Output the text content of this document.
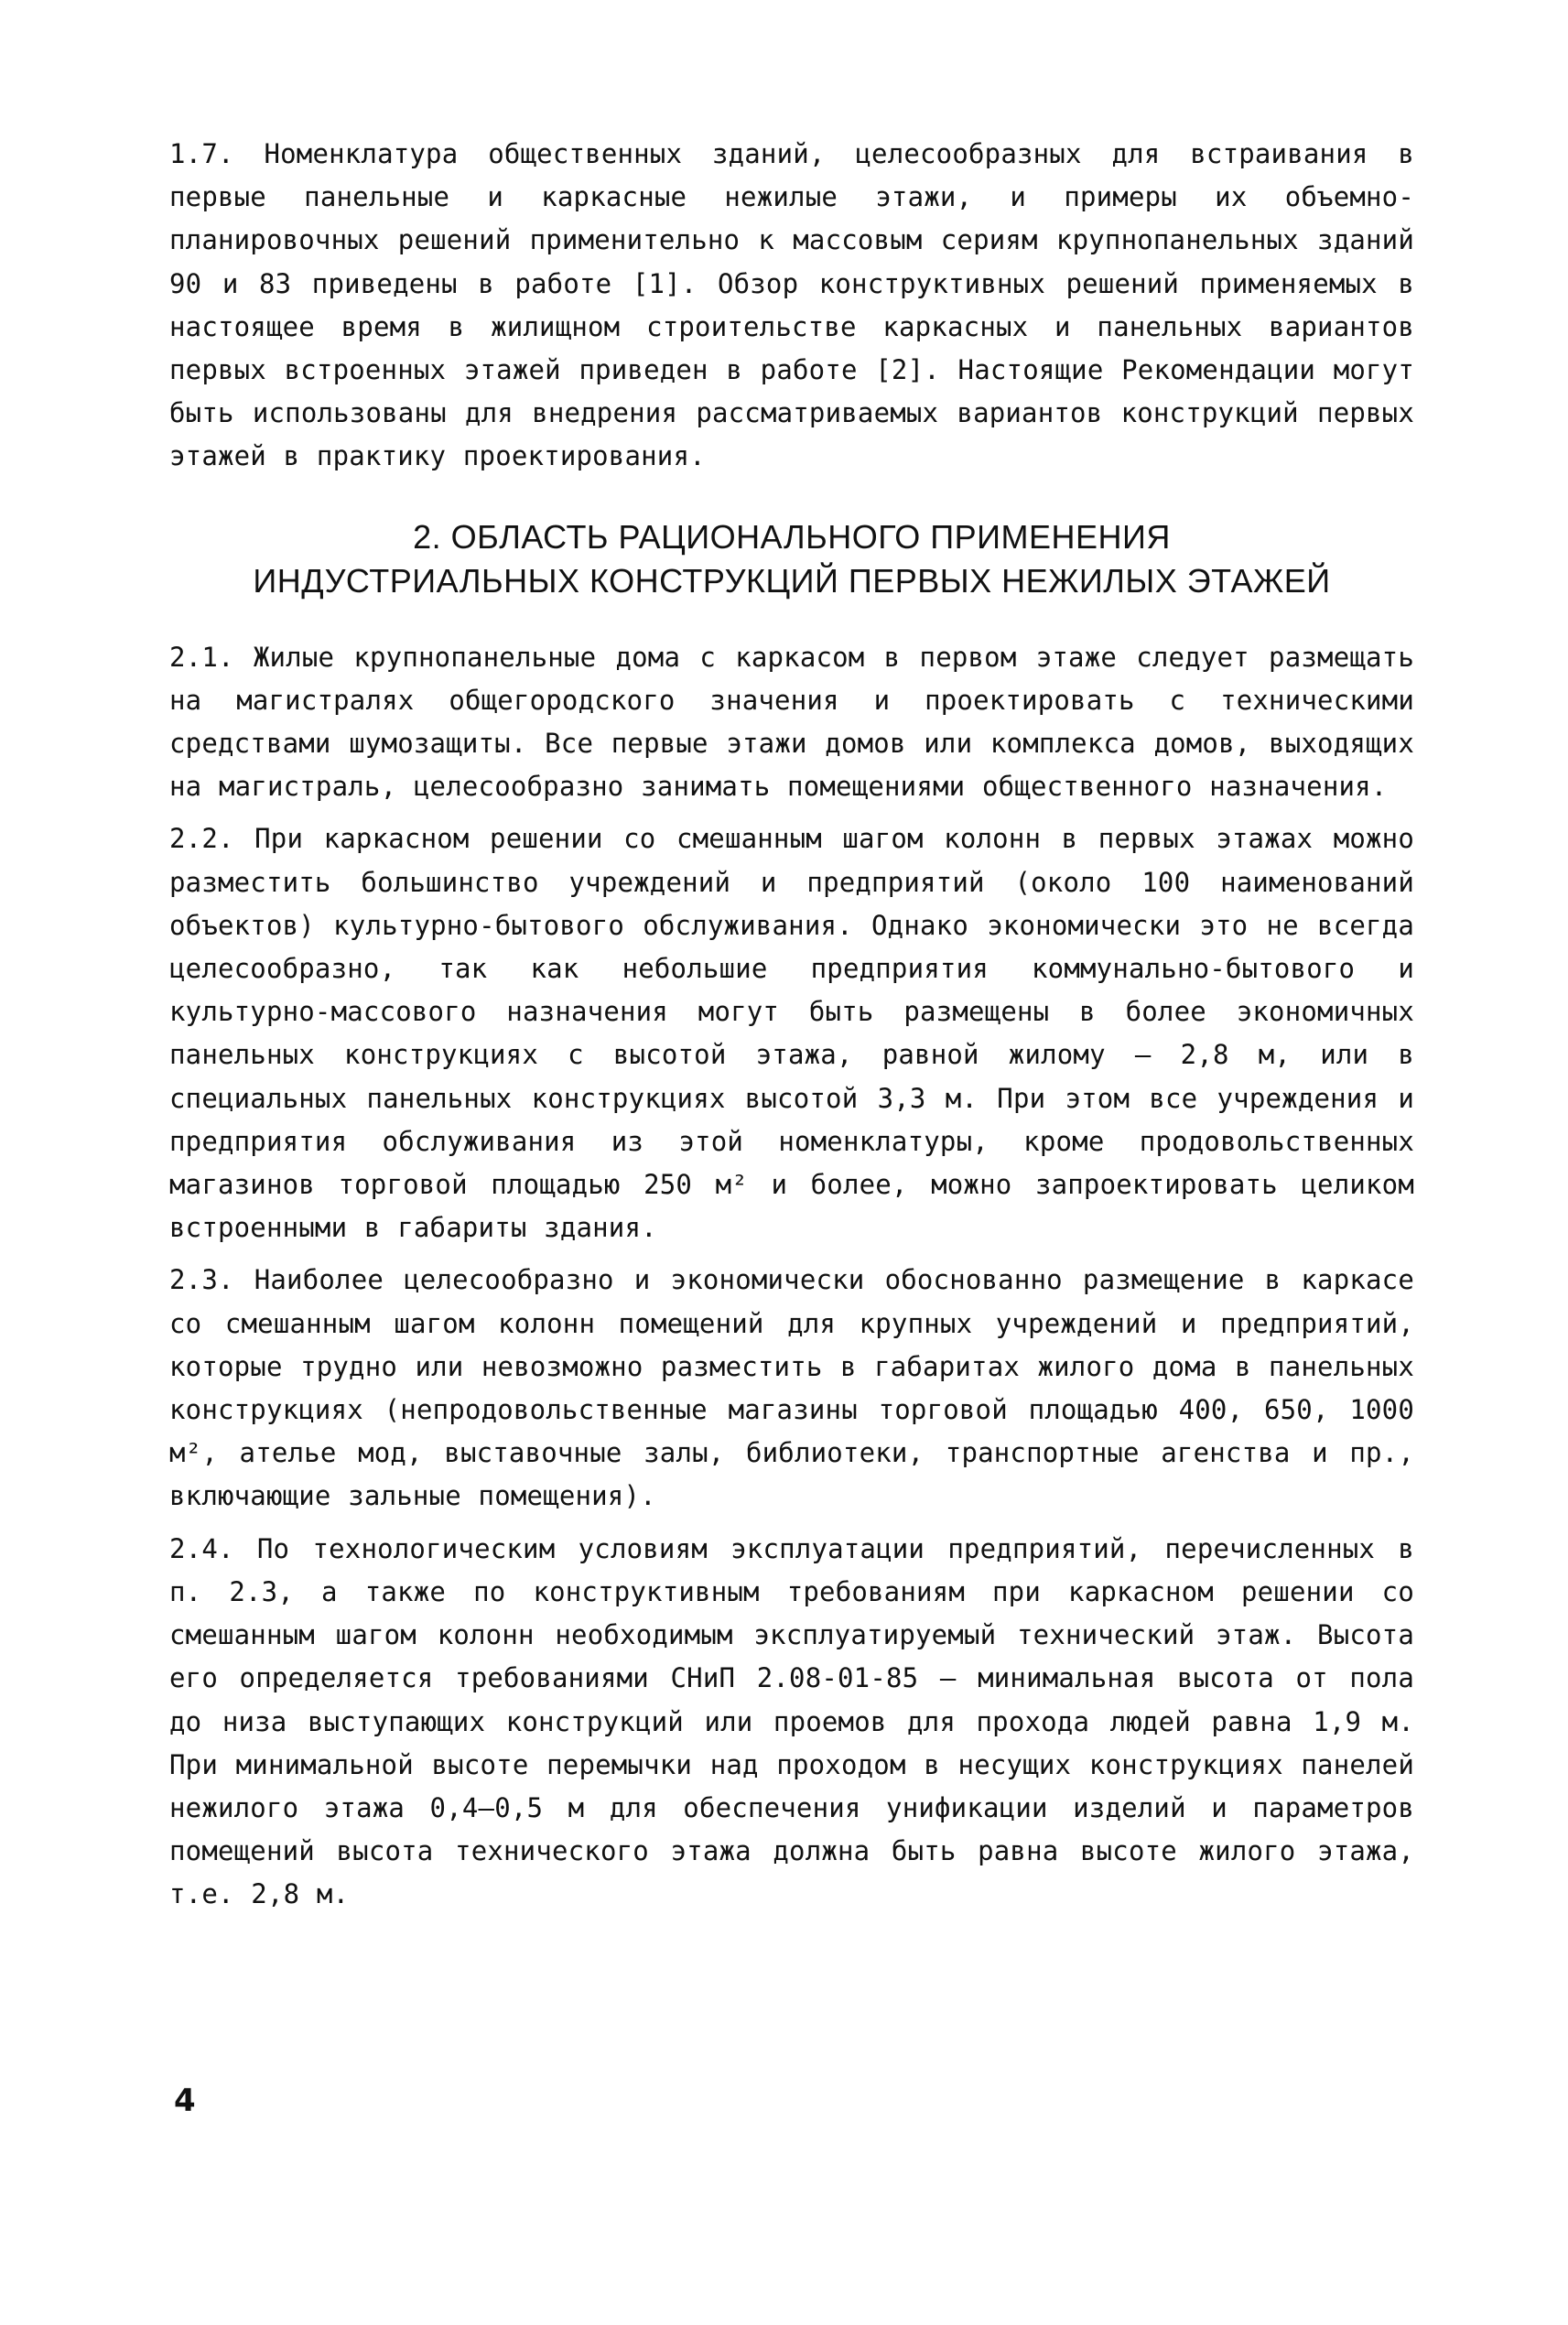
1.7. Номенклатура общественных зданий, целесообразных для встраивания в первые панельные и каркасные нежилые этажи, и примеры их объемно-планировочных решений применительно к массовым сериям крупнопанельных зданий 90 и 83 приведены в работе [1]. Обзор конструктивных решений применяемых в настоящее время в жилищном строительстве каркасных и панельных вариантов первых встроенных этажей приведен в работе [2]. Настоящие Рекомендации могут быть использованы для внедрения рассматриваемых вариантов конструкций первых этажей в практику проектирования.

2. ОБЛАСТЬ РАЦИОНАЛЬНОГО ПРИМЕНЕНИЯ
ИНДУСТРИАЛЬНЫХ КОНСТРУКЦИЙ ПЕРВЫХ НЕЖИЛЫХ ЭТАЖЕЙ

2.1. Жилые крупнопанельные дома с каркасом в первом этаже следует размещать на магистралях общегородского значения и проектировать с техническими средствами шумозащиты. Все первые этажи домов или комплекса домов, выходящих на магистраль, целесообразно занимать помещениями общественного назначения.

2.2. При каркасном решении со смешанным шагом колонн в первых этажах можно разместить большинство учреждений и предприятий (около 100 наименований объектов) культурно-бытового обслуживания. Однако экономически это не всегда целесообразно, так как небольшие предприятия коммунально-бытового и культурно-массового назначения могут быть размещены в более экономичных панельных конструкциях с высотой этажа, равной жилому – 2,8 м, или в специальных панельных конструкциях высотой 3,3 м. При этом все учреждения и предприятия обслуживания из этой номенклатуры, кроме продовольственных магазинов торговой площадью 250 м² и более, можно запроектировать целиком встроенными в габариты здания.

2.3. Наиболее целесообразно и экономически обоснованно размещение в каркасе со смешанным шагом колонн помещений для крупных учреждений и предприятий, которые трудно или невозможно разместить в габаритах жилого дома в панельных конструкциях (непродовольственные магазины торговой площадью 400, 650, 1000 м², ателье мод, выставочные залы, библиотеки, транспортные агенства и пр., включающие зальные помещения).

2.4. По технологическим условиям эксплуатации предприятий, перечисленных в п. 2.3, а также по конструктивным требованиям при каркасном решении со смешанным шагом колонн необходимым эксплуатируемый технический этаж. Высота его определяется требованиями СНиП 2.08-01-85 – минимальная высота от пола до низа выступающих конструкций или проемов для прохода людей равна 1,9 м. При минимальной высоте перемычки над проходом в несущих конструкциях панелей нежилого этажа 0,4–0,5 м для обеспечения унификации изделий и параметров помещений высота технического этажа должна быть равна высоте жилого этажа, т.е. 2,8 м.

4
